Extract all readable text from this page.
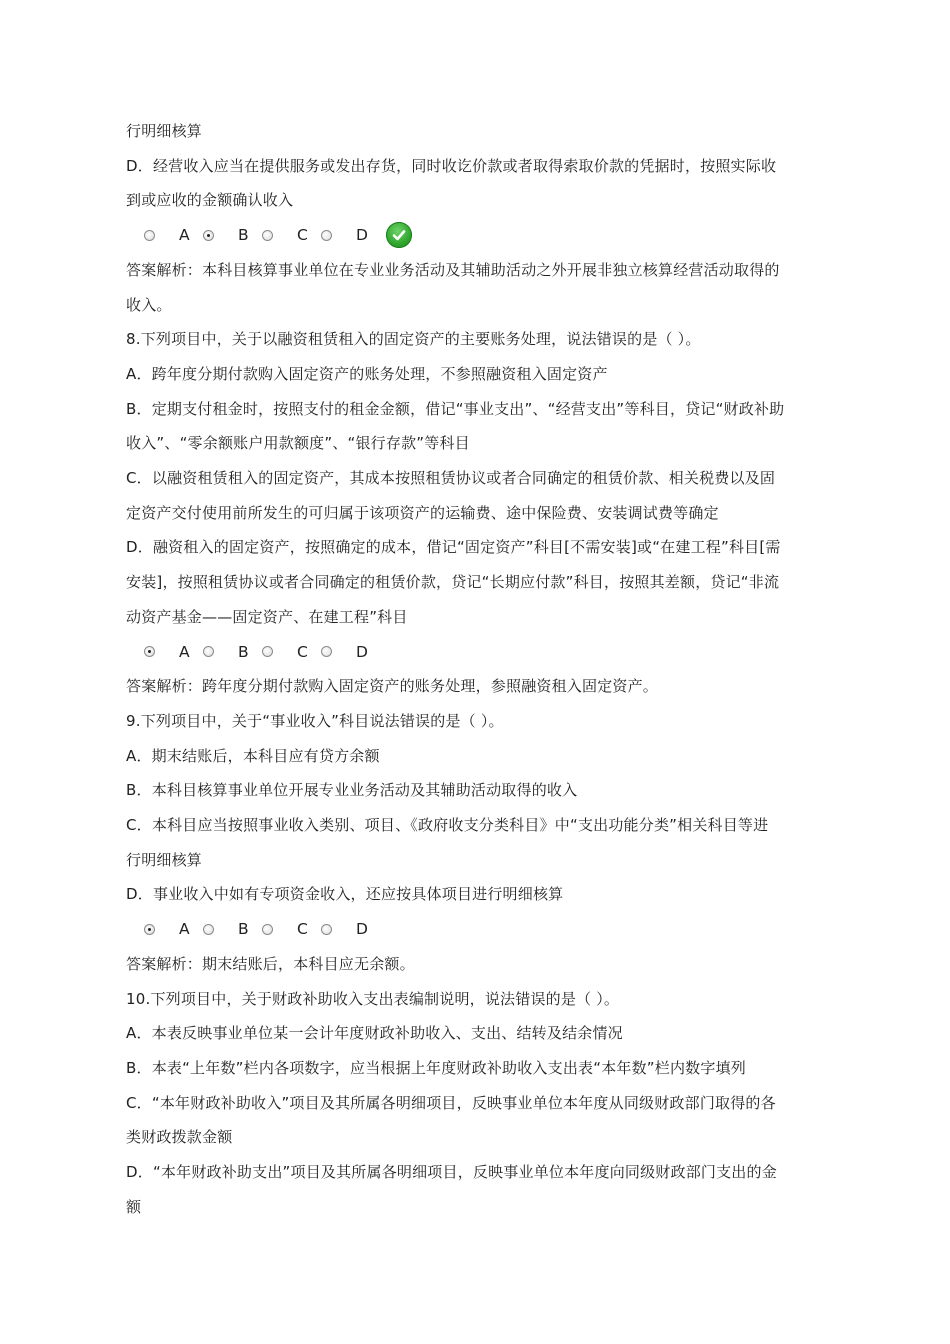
行明细核算
D．经营收入应当在提供服务或发出存货，同时收讫价款或者取得索取价款的凭据时，按照实际收
到或应收的金额确认收入
A	B	C	D
答案解析：本科目核算事业单位在专业业务活动及其辅助活动之外开展非独立核算经营活动取得的
收入。
8.下列项目中，关于以融资租赁租入的固定资产的主要账务处理，说法错误的是（ ）。
A．跨年度分期付款购入固定资产的账务处理，不参照融资租入固定资产
B．定期支付租金时，按照支付的租金金额，借记“事业支出”、“经营支出”等科目，贷记“财政补助
收入”、“零余额账户用款额度”、“银行存款”等科目
C．以融资租赁租入的固定资产，其成本按照租赁协议或者合同确定的租赁价款、相关税费以及固
定资产交付使用前所发生的可归属于该项资产的运输费、途中保险费、安装调试费等确定
D．融资租入的固定资产，按照确定的成本，借记“固定资产”科目[不需安装]或“在建工程”科目[需
安装]，按照租赁协议或者合同确定的租赁价款，贷记“长期应付款”科目，按照其差额，贷记“非流
动资产基金——固定资产、在建工程”科目
A	B	C	D
答案解析：跨年度分期付款购入固定资产的账务处理，参照融资租入固定资产。
9.下列项目中，关于“事业收入”科目说法错误的是（ ）。
A．期末结账后，本科目应有贷方余额
B．本科目核算事业单位开展专业业务活动及其辅助活动取得的收入
C．本科目应当按照事业收入类别、项目、《政府收支分类科目》中“支出功能分类”相关科目等进
行明细核算
D．事业收入中如有专项资金收入，还应按具体项目进行明细核算
A	B	C	D
答案解析：期末结账后，本科目应无余额。
10.下列项目中，关于财政补助收入支出表编制说明，说法错误的是（ ）。
A．本表反映事业单位某一会计年度财政补助收入、支出、结转及结余情况
B．本表“上年数”栏内各项数字，应当根据上年度财政补助收入支出表“本年数”栏内数字填列
C．“本年财政补助收入”项目及其所属各明细项目，反映事业单位本年度从同级财政部门取得的各
类财政拨款金额
D．“本年财政补助支出”项目及其所属各明细项目，反映事业单位本年度向同级财政部门支出的金
额
